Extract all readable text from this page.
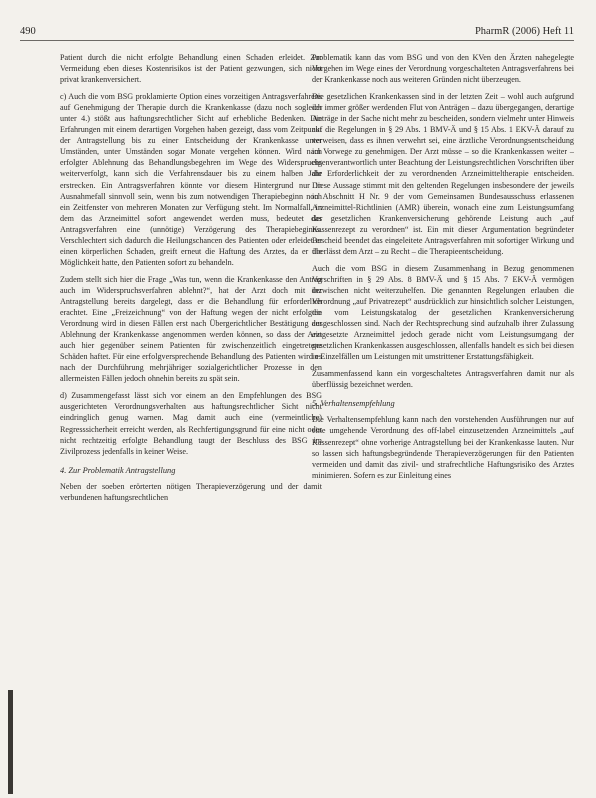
490	PharmR (2006) Heft 11

Patient durch die nicht erfolgte Behandlung einen Schaden erleidet. Zur Vermeidung eben dieses Kostenrisikos ist der Patient gezwungen, sich nicht privat krankenversichert.

c) Auch die vom BSG proklamierte Option eines vorzeitigen Antragsverfahrens auf Genehmigung der Therapie durch die Krankenkasse (dazu noch sogleich unter 4.) stößt aus haftungsrechtlicher Sicht auf erhebliche Bedenken. Die Erfahrungen mit einem derartigen Vorgehen haben gezeigt, dass vom Zeitpunkt der Antragstellung bis zu einer Entscheidung der Krankenkasse unter Umständen, unter Umständen sogar Monate vergehen können. Wird nach erfolgter Ablehnung das Behandlungsbegehren im Wege des Widerspruchs weiterverfolgt, kann sich die Verfahrensdauer bis zu einem halben Jahr erstrecken. Ein Antragsverfahren könnte vor diesem Hintergrund nur in Ausnahmefall sinnvoll sein, wenn bis zum notwendigen Therapiebeginn noch ein Zeitfenster von mehreren Monaten zur Verfügung steht. Im Normalfall, in dem das Arzneimittel sofort angewendet werden muss, bedeutet das Antragsverfahren eine (unnötige) Verzögerung des Therapiebeginns. Verschlechtert sich dadurch die Heilungschancen des Patienten oder erleidet er einen körperlichen Schaden, greift erneut die Haftung des Arztes, da er die Möglichkeit hatte, den Patienten sofort zu behandeln.

Zudem stellt sich hier die Frage „Was tun, wenn die Krankenkasse den Antrag auch im Widerspruchsverfahren ablehnt?“, hat der Arzt doch mit der Antragstellung bereits dargelegt, dass er die Behandlung für erforderlich erachtet. Eine „Freizeichnung“ von der Haftung wegen der nicht erfolgten Verordnung wird in diesen Fällen erst nach Übergerichtlicher Bestätigung der Ablehnung der Krankenkasse angenommen werden können, so dass der Arzt auch hier gegenüber seinem Patienten für zwischenzeitlich eingetretene Schäden haftet. Für eine erfolgversprechende Behandlung des Patienten wird es nach der Durchführung mehrjähriger sozialgerichtlicher Prozesse in den allermeisten Fällen jedoch ohnehin bereits zu spät sein.

d) Zusammengefasst lässt sich vor einem an den Empfehlungen des BSG ausgerichteten Verordnungsverhalten aus haftungsrechtlicher Sicht nicht eindringlich genug warnen. Mag damit auch eine (vermeintliche) Regresssicherheit erreicht werden, als Rechfertigungsgrund für eine nicht oder nicht rechtzeitig erfolgte Behandlung taugt der Beschluss des BSG im Zivilprozess jedenfalls in keiner Weise.

4. Zur Problematik Antragstellung

Neben der soeben erörterten nötigen Therapieverzögerung und der damit verbundenen haftungsrechtlichen

Problematik kann das vom BSG und von den KVen den Ärzten nahegelegte Vorgehen im Wege eines der Verordnung vorgeschalteten Antragsverfahrens bei der Krankenkasse noch aus weiteren Gründen nicht überzeugen.

Die gesetzlichen Krankenkassen sind in der letzten Zeit – wohl auch aufgrund der immer größer werdenden Flut von Anträgen – dazu übergegangen, derartige Anträge in der Sache nicht mehr zu bescheiden, sondern vielmehr unter Hinweis auf die Regelungen in § 29 Abs. 1 BMV-Ä und § 15 Abs. 1 EKV-Ä darauf zu verweisen, dass es ihnen verwehrt sei, eine ärztliche Verordnungsentscheidung im Vorwege zu genehmigen. Der Arzt müsse – so die Krankenkassen weiter – eigenverantwortlich unter Beachtung der Leistungsrechtlichen Vorschriften über die Erforderlichkeit der zu verordnenden Arzneimitteltherapie entscheiden. Diese Aussage stimmt mit den geltenden Regelungen insbesondere der jeweils in Abschnitt H Nr. 9 der vom Gemeinsamen Bundesausschuss erlassenen Arzneimittel-Richtlinien (AMR) überein, wonach eine zum Leistungsumfang der gesetzlichen Krankenversicherung gehörende Leistung auch „auf Kassenrezept zu verordnen“ ist. Ein mit dieser Argumentation begründeter Bescheid beendet das eingeleitete Antragsverfahren mit sofortiger Wirkung und überlässt dem Arzt – zu Recht – die Therapieentscheidung.

Auch die vom BSG in diesem Zusammenhang in Bezug genommenen Vorschriften in § 29 Abs. 8 BMV-Ä und § 15 Abs. 7 EKV-Ä vermögen inzwischen nicht weiterzuhelfen. Die genannten Regelungen erlauben die Verordnung „auf Privatrezept“ ausdrücklich zur hinsichtlich solcher Leistungen, die vom Leistungskatalog der gesetzlichen Krankenversicherung ausgeschlossen sind. Nach der Rechtsprechung sind aufzuhalb ihrer Zulassung eingesetzte Arzneimittel jedoch gerade nicht vom Leistungsumgang der gesetzlichen Krankenkassen ausgeschlossen, allenfalls handelt es sich bei diesen in Einzelfällen um Leistungen mit umstrittener Erstattungsfähigkeit.

Zusammenfassend kann ein vorgeschaltetes Antragsverfahren damit nur als überflüssig bezeichnet werden.

5. Verhaltensempfehlung

Die Verhaltensempfehlung kann nach den vorstehenden Ausführungen nur auf eine umgehende Verordnung des off-label einzusetzenden Arzneimittels „auf Kassenrezept“ ohne vorherige Antragstellung bei der Krankenkasse lauten. Nur so lassen sich haftungsbegründende Therapieverzögerungen für den Patienten vermeiden und damit das zivil- und strafrechtliche Haftungsrisiko des Arztes minimieren. Sofern es zur Einleitung eines
